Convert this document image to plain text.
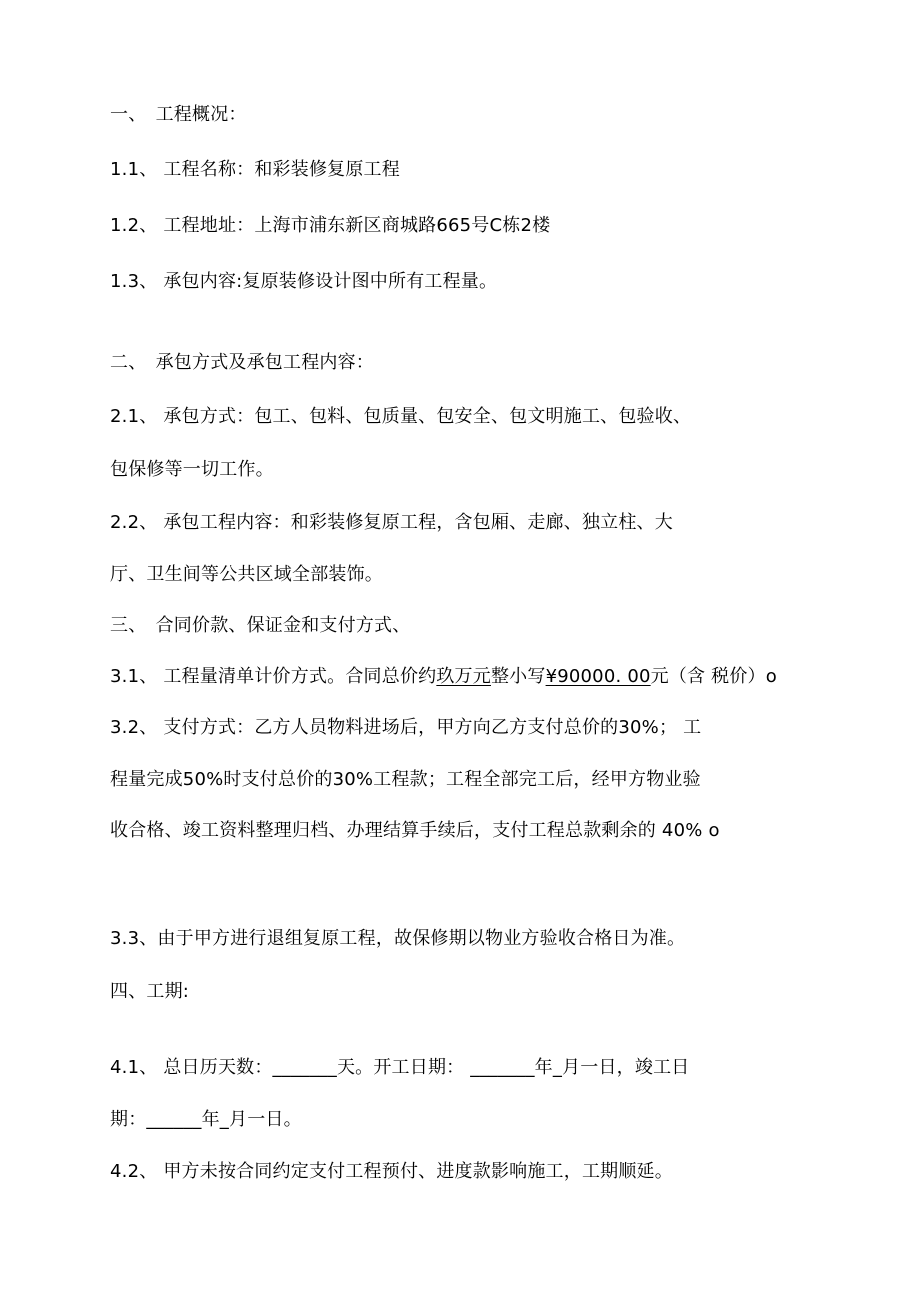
一、　工程概况：
1.1、 工程名称：和彩装修复原工程
1.2、 工程地址：上海市浦东新区商城路665号C栋2楼
1.3、 承包内容:复原装修设计图中所有工程量。
二、　承包方式及承包工程内容：
2.1、 承包方式：包工、包料、包质量、包安全、包文明施工、包验收、
包保修等一切工作。
2.2、 承包工程内容：和彩装修复原工程，含包厢、走廊、独立柱、大
厅、卫生间等公共区域全部装饰。
三、　合同价款、保证金和支付方式、
3.1、 工程量清单计价方式。合同总价约玖万元整小写¥90000. 00元（含 税价）o
3.2、 支付方式：乙方人员物料进场后，甲方向乙方支付总价的30%； 工
程量完成50%时支付总价的30%工程款；工程全部完工后，经甲方物业验
收合格、竣工资料整理归档、办理结算手续后，支付工程总款剩余的 40% o
3.3、由于甲方进行退组复原工程，故保修期以物业方验收合格日为准。
四、工期:
4.1、 总日历天数：_______天。开工日期： _______年_月一日，竣工日
期：______年_月一日。
4.2、 甲方未按合同约定支付工程预付、进度款影响施工，工期顺延。
